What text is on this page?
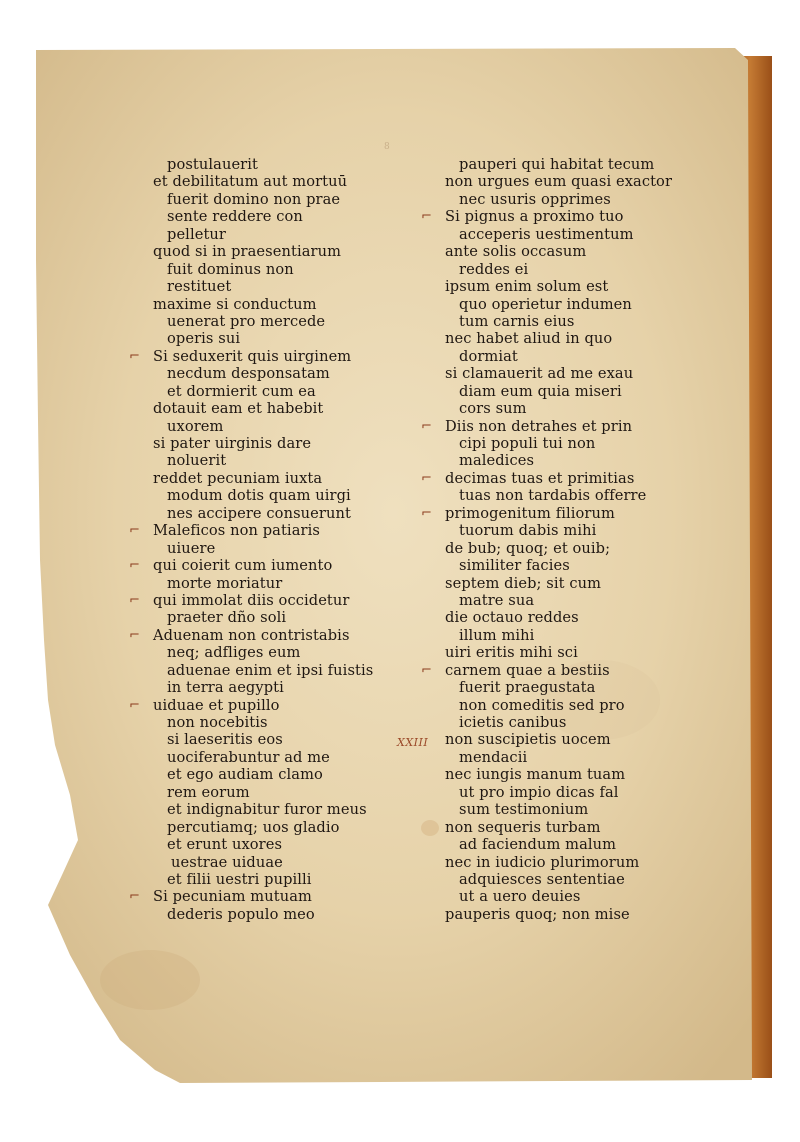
8
postulauerit
et debilitatum aut mortuū
fuerit domino non prae
sente reddere con
pelletur
quod si in praesentiarum
fuit dominus non
restituet
maxime si conductum
uenerat pro mercede
operis sui
⌐ Si seduxerit quis uirginem
necdum desponsatam
et dormierit cum ea
dotauit eam et habebit
uxorem
si pater uirginis dare
noluerit
reddet pecuniam iuxta
modum dotis quam uirgi
nes accipere consuerunt
⌐ Maleficos non patiaris
uiuere
⌐ qui coierit cum iumento
morte moriatur
⌐ qui immolat diis occidetur
praeter dño soli
⌐ Aduenam non contristabis
neq; adfliges eum
aduenae enim et ipsi fuistis
in terra aegypti
⌐ uiduae et pupillo
non nocebitis
si laeseritis eos
uociferabuntur ad me
et ego audiam clamo
rem eorum
et indignabitur furor meus
percutiamq; uos gladio
et erunt uxores
uestrae uiduae
et filii uestri pupilli
⌐ Si pecuniam mutuam
dederis populo meo
pauperi qui habitat tecum
non urgues eum quasi exactor
nec usuris opprimes
⌐ Si pignus a proximo tuo
acceperis uestimentum
ante solis occasum
reddes ei
ipsum enim solum est
quo operietur indumen
tum carnis eius
nec habet aliud in quo
dormiat
si clamauerit ad me exau
diam eum quia miseri
cors sum
⌐ Diis non detrahes et prin
cipi populi tui non
maledices
⌐ decimas tuas et primitias
tuas non tardabis offerre
⌐ primogenitum filiorum
tuorum dabis mihi
de bub; quoq; et ouib;
similiter facies
septem dieb; sit cum
matre sua
die octauo reddes
illum mihi
uiri eritis mihi sci
⌐ carnem quae a bestiis
fuerit praegustata
non comeditis sed pro
icietis canibus
non suscipietis uocem
mendacii
nec iungis manum tuam
ut pro impio dicas fal
sum testimonium
non sequeris turbam
ad faciendum malum
nec in iudicio plurimorum
adquiesces sententiae
ut a uero deuies
pauperis quoq; non mise
XXIII
